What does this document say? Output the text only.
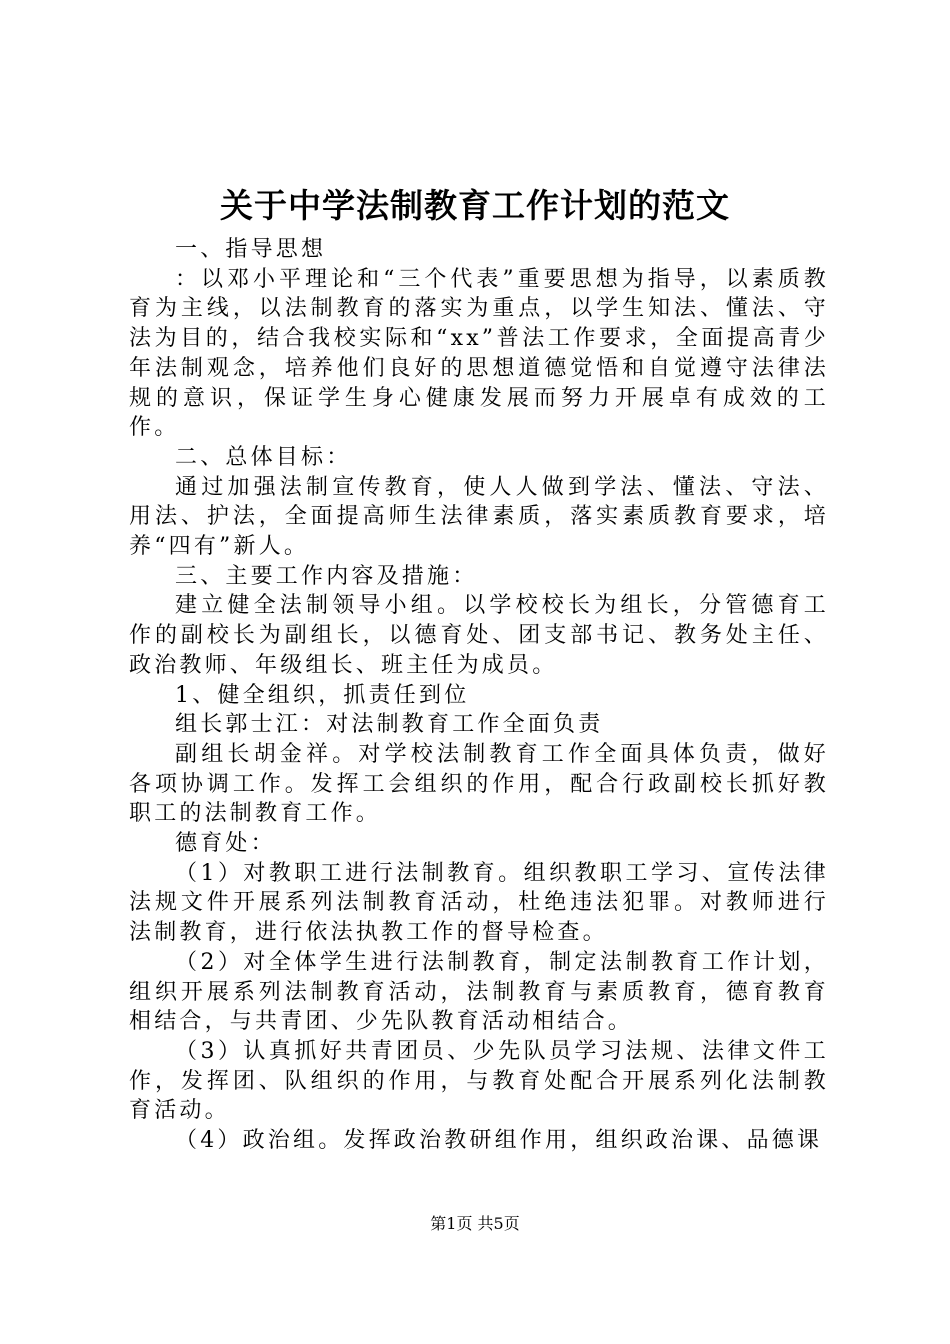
关于中学法制教育工作计划的范文
一、指导思想
：以邓小平理论和“三个代表”重要思想为指导，以素质教育为主线，以法制教育的落实为重点，以学生知法、懂法、守法为目的，结合我校实际和“xx”普法工作要求，全面提高青少年法制观念，培养他们良好的思想道德觉悟和自觉遵守法律法规的意识，保证学生身心健康发展而努力开展卓有成效的工作。
二、总体目标：
通过加强法制宣传教育，使人人做到学法、懂法、守法、用法、护法，全面提高师生法律素质，落实素质教育要求，培养“四有”新人。
三、主要工作内容及措施：
建立健全法制领导小组。以学校校长为组长，分管德育工作的副校长为副组长，以德育处、团支部书记、教务处主任、政治教师、年级组长、班主任为成员。
1、健全组织，抓责任到位
组长郭士江：对法制教育工作全面负责
副组长胡金祥。对学校法制教育工作全面具体负责，做好各项协调工作。发挥工会组织的作用，配合行政副校长抓好教职工的法制教育工作。
德育处：
（1）对教职工进行法制教育。组织教职工学习、宣传法律法规文件开展系列法制教育活动，杜绝违法犯罪。对教师进行法制教育，进行依法执教工作的督导检查。
（2）对全体学生进行法制教育，制定法制教育工作计划，组织开展系列法制教育活动，法制教育与素质教育，德育教育相结合，与共青团、少先队教育活动相结合。
（3）认真抓好共青团员、少先队员学习法规、法律文件工作，发挥团、队组织的作用，与教育处配合开展系列化法制教育活动。
（4）政治组。发挥政治教研组作用，组织政治课、品德课
第1页 共5页
